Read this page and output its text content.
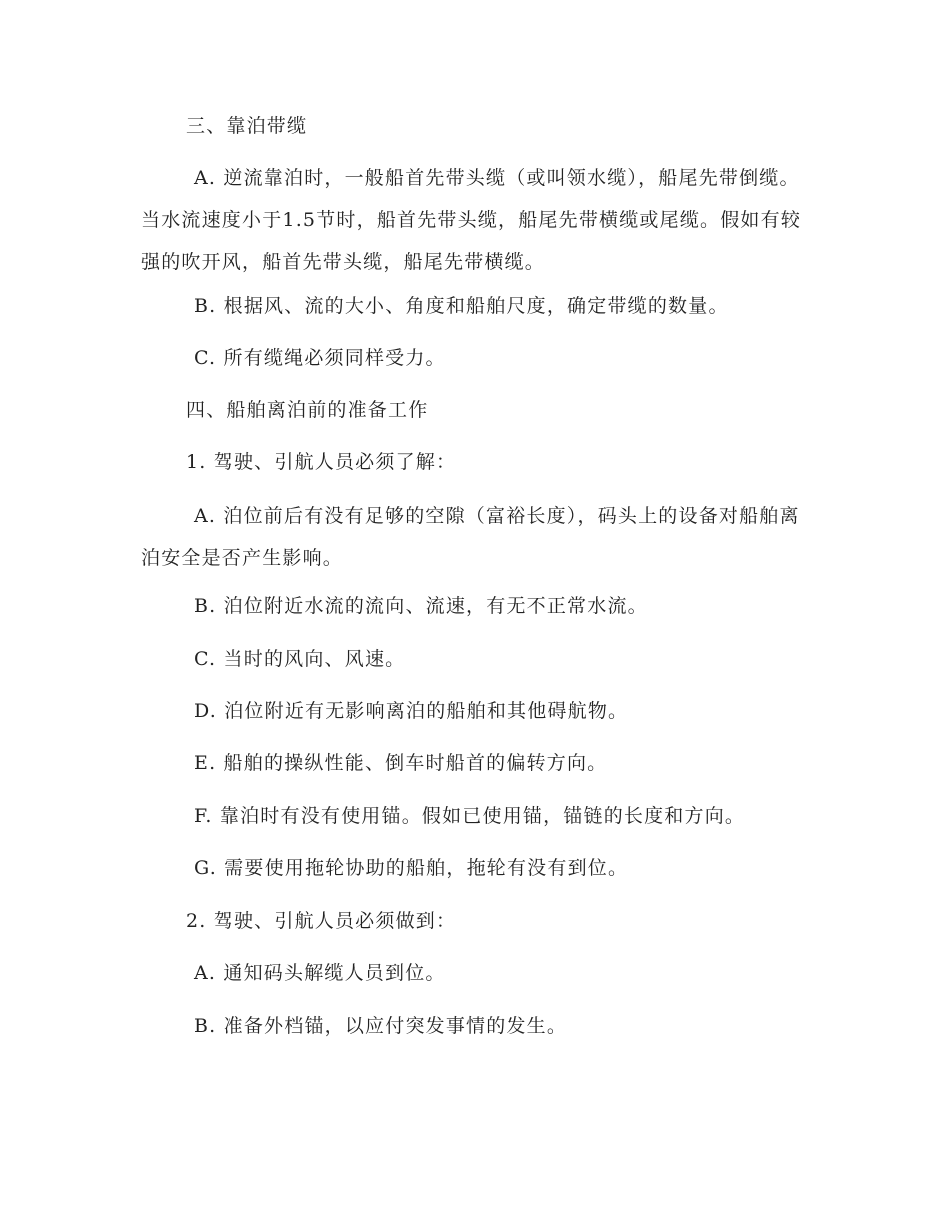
三、靠泊带缆

A. 逆流靠泊时，一般船首先带头缆（或叫领水缆），船尾先带倒缆。当水流速度小于1.5节时，船首先带头缆，船尾先带横缆或尾缆。假如有较强的吹开风，船首先带头缆，船尾先带横缆。

B. 根据风、流的大小、角度和船舶尺度，确定带缆的数量。

C. 所有缆绳必须同样受力。

四、船舶离泊前的准备工作

1. 驾驶、引航人员必须了解：

A. 泊位前后有没有足够的空隙（富裕长度），码头上的设备对船舶离泊安全是否产生影响。

B. 泊位附近水流的流向、流速，有无不正常水流。

C. 当时的风向、风速。

D. 泊位附近有无影响离泊的船舶和其他碍航物。

E. 船舶的操纵性能、倒车时船首的偏转方向。

F. 靠泊时有没有使用锚。假如已使用锚，锚链的长度和方向。

G. 需要使用拖轮协助的船舶，拖轮有没有到位。

2. 驾驶、引航人员必须做到：

A. 通知码头解缆人员到位。

B. 准备外档锚，以应付突发事情的发生。
